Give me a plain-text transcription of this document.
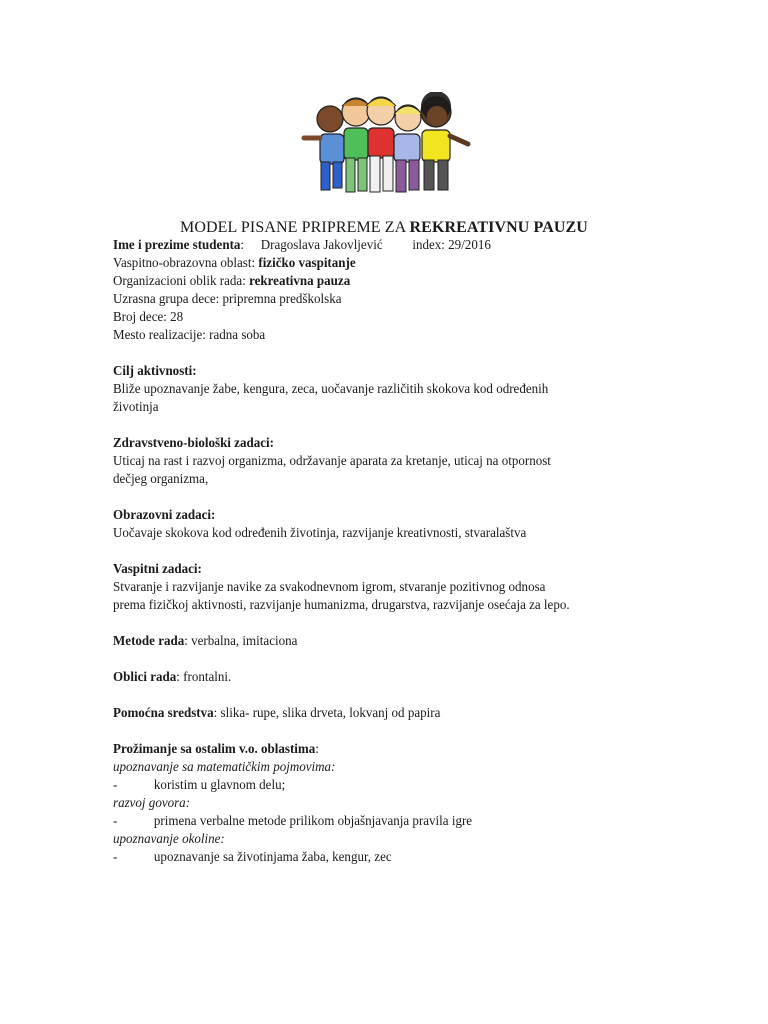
MODEL PISANE PRIPREME ZA REKREATIVNU PAUZU
Ime i prezime studenta: Dragoslava Jakovljević index: 29/2016
Vaspitno-obrazovna oblast: fizičko vaspitanje
Organizacioni oblik rada: rekreativna pauza
Uzrasna grupa dece: pripremna predškolska
Broj dece: 28
Mesto realizacije: radna soba
Cilj aktivnosti:
Bliže upoznavanje žabe, kengura, zeca, uočavanje različitih skokova kod određenih
životinja
Zdravstveno-biološki zadaci:
Uticaj na rast i razvoj organizma, održavanje aparata za kretanje, uticaj na otpornost
dečjeg organizma,
Obrazovni zadaci:
Uočavaje skokova kod određenih životinja, razvijanje kreativnosti, stvaralaštva
Vaspitni zadaci:
Stvaranje i razvijanje navike za svakodnevnom igrom, stvaranje pozitivnog odnosa
prema fizičkoj aktivnosti, razvijanje humanizma, drugarstva, razvijanje osećaja za lepo.
Metode rada: verbalna, imitaciona
Oblici rada: frontalni.
Pomoćna sredstva: slika- rupe, slika drveta, lokvanj od papira
Prožimanje sa ostalim v.o. oblastima:
upoznavanje sa matematičkim pojmovima:
-	koristim u glavnom delu;
razvoj govora:
-	primena verbalne metode prilikom objašnjavanja pravila igre
upoznavanje okoline:
-	upoznavanje sa životinjama žaba, kengur, zec
